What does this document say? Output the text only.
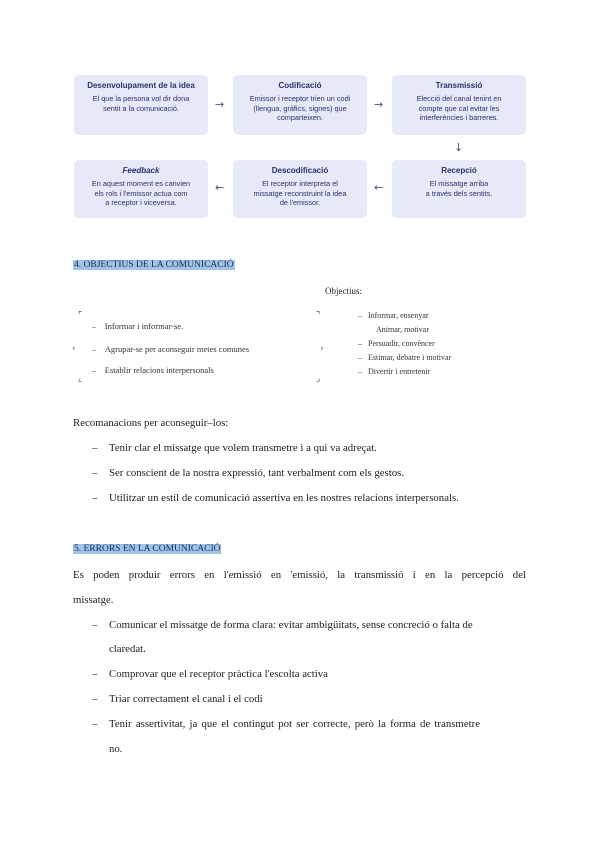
Desenvolupament de la idea
El que la persona vol dir dona
sentit a la comunicació.
Codificació
Emissor i receptor trien un codi
(llengua, gràfics, signes) que
comparteixen.
Transmissió
Elecció del canal tenint en
compte que cal evitar les
interferències i barreres.
Feedback
En aquest moment es canvien
els rols i l'emissor actua com
a receptor i viceversa.
Descodificació
El receptor interpreta el
missatge reconstruint la idea
de l'emissor.
Recepció
El missatge arriba
a través dels sentits.
→	→
↓
←
←
4. OBJECTIUS DE LA COMUNICACIÓ
Objectius:
⌜
‹
⌞
⌝
›
⌟
– Informar i informar-se.
– Agrupar-se per aconseguir metes comunes
– Establir relacions interpersonals
– Informar, ensenyar
Animar, motivar
– Persuadir, convèncer
– Estimar, debatre i motivar
– Divertir i entretenir
Recomanacions per aconseguir–los:
– Tenir clar el missatge que volem transmetre i a qui va adreçat.
– Ser conscient de la nostra expressió, tant verbalment com els gestos.
– Utilitzar un estil de comunicació assertiva en les nostres relacions interpersonals.
5. ERRORS EN LA COMUNICACIÓ
Es poden produir errors en l'emissió en 'emissió, la transmissió i en la percepció del
missatge.
– Comunicar el missatge de forma clara: evitar ambigüitats, sense concreció o falta de
claredat.
– Comprovar que el receptor pràctica l'escolta activa
– Triar correctament el canal i el codi
– Tenir assertivitat, ja que el contingut pot ser correcte, però la forma de transmetre
no.
